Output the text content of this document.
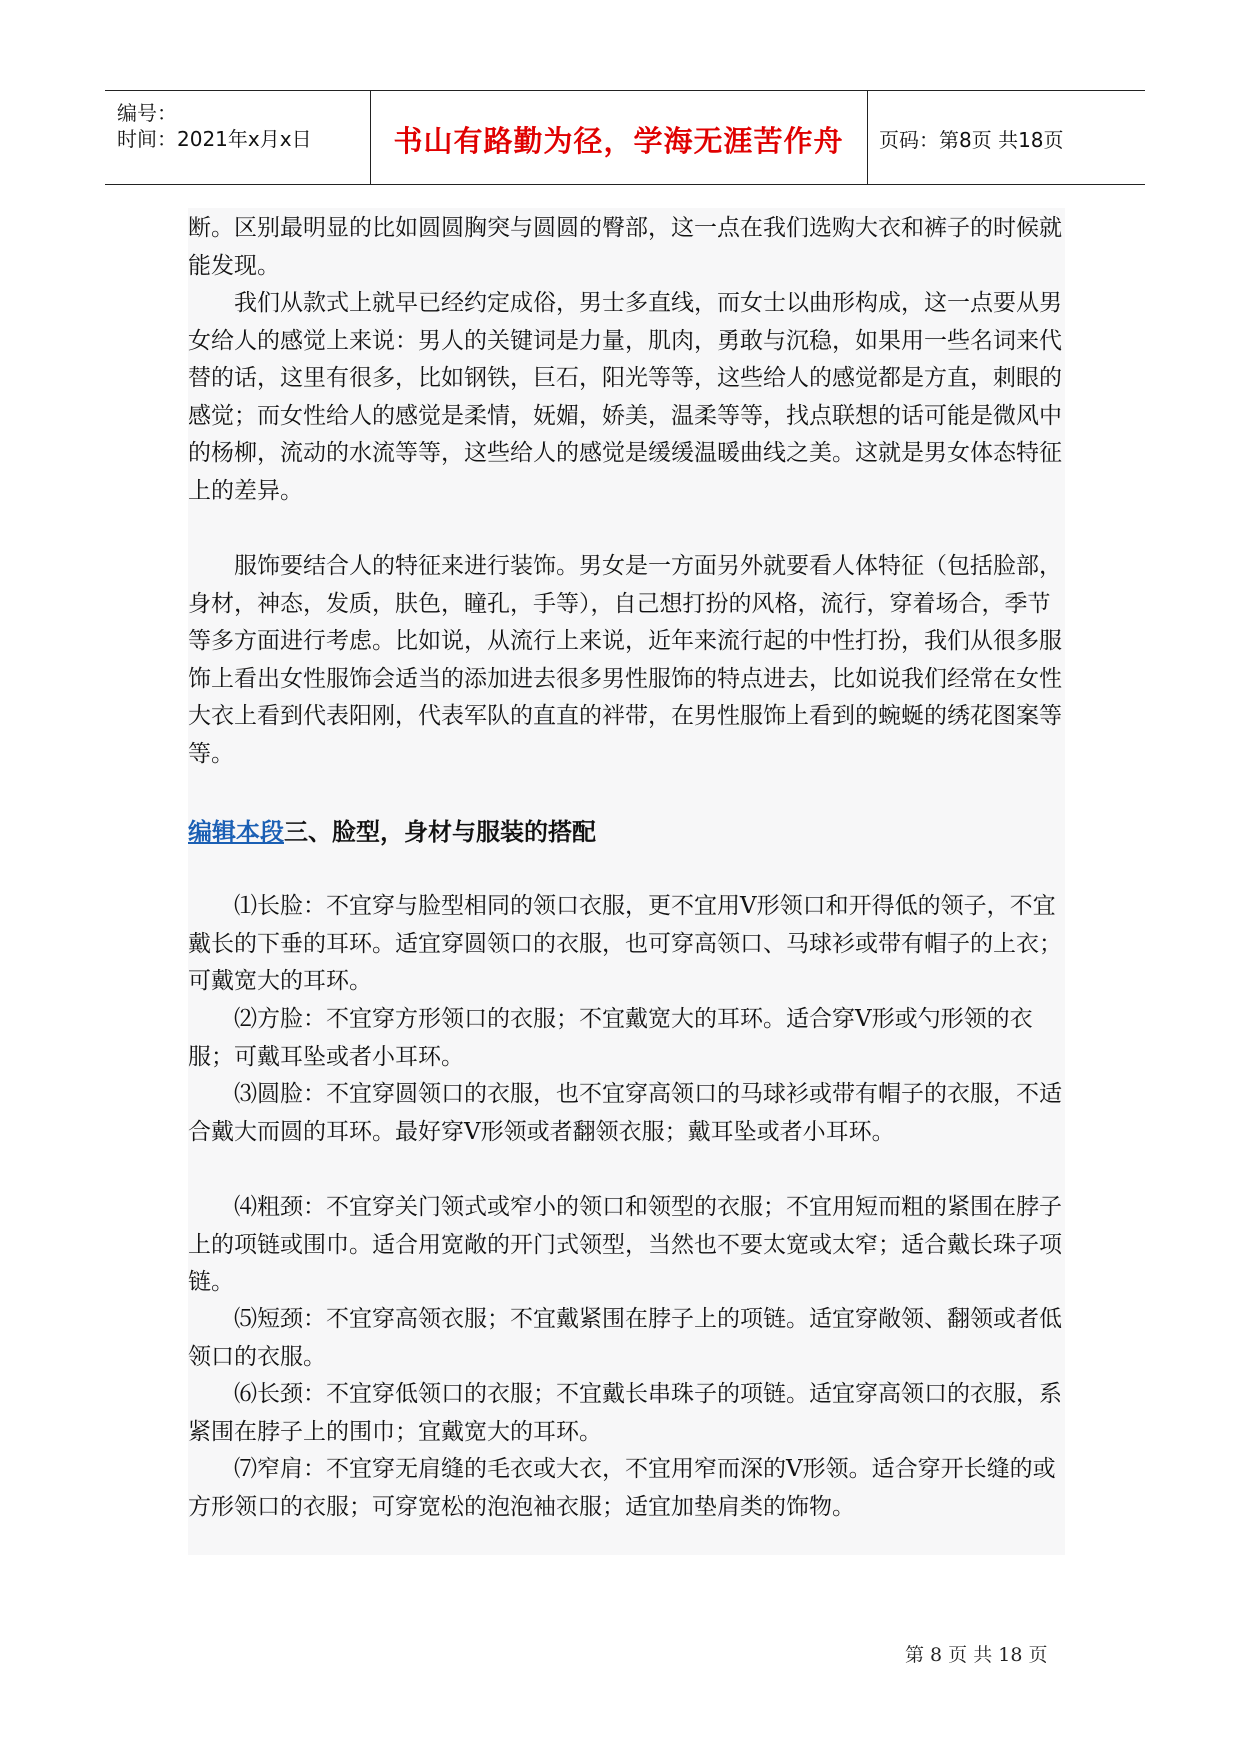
编号：
时间：2021年x月x日	书山有路勤为径，学海无涯苦作舟	页码：第8页 共18页

断。区别最明显的比如圆圆胸突与圆圆的臀部，这一点在我们选购大衣和裤子的时候就能发现。

我们从款式上就早已经约定成俗，男士多直线，而女士以曲形构成，这一点要从男女给人的感觉上来说：男人的关键词是力量，肌肉，勇敢与沉稳，如果用一些名词来代替的话，这里有很多，比如钢铁，巨石，阳光等等，这些给人的感觉都是方直，刺眼的感觉；而女性给人的感觉是柔情，妩媚，娇美，温柔等等，找点联想的话可能是微风中的杨柳，流动的水流等等，这些给人的感觉是缓缓温暖曲线之美。这就是男女体态特征上的差异。

服饰要结合人的特征来进行装饰。男女是一方面另外就要看人体特征（包括脸部，身材，神态，发质，肤色，瞳孔，手等），自己想打扮的风格，流行，穿着场合，季节等多方面进行考虑。比如说，从流行上来说，近年来流行起的中性打扮，我们从很多服饰上看出女性服饰会适当的添加进去很多男性服饰的特点进去，比如说我们经常在女性大衣上看到代表阳刚，代表军队的直直的袢带，在男性服饰上看到的蜿蜒的绣花图案等等。

编辑本段三、脸型，身材与服装的搭配

⑴长脸：不宜穿与脸型相同的领口衣服，更不宜用V形领口和开得低的领子，不宜戴长的下垂的耳环。适宜穿圆领口的衣服，也可穿高领口、马球衫或带有帽子的上衣；可戴宽大的耳环。

⑵方脸：不宜穿方形领口的衣服；不宜戴宽大的耳环。适合穿V形或勺形领的衣服；可戴耳坠或者小耳环。

⑶圆脸：不宜穿圆领口的衣服，也不宜穿高领口的马球衫或带有帽子的衣服，不适合戴大而圆的耳环。最好穿V形领或者翻领衣服；戴耳坠或者小耳环。

⑷粗颈：不宜穿关门领式或窄小的领口和领型的衣服；不宜用短而粗的紧围在脖子上的项链或围巾。适合用宽敞的开门式领型，当然也不要太宽或太窄；适合戴长珠子项链。

⑸短颈：不宜穿高领衣服；不宜戴紧围在脖子上的项链。适宜穿敞领、翻领或者低领口的衣服。

⑹长颈：不宜穿低领口的衣服；不宜戴长串珠子的项链。适宜穿高领口的衣服，系紧围在脖子上的围巾；宜戴宽大的耳环。

⑺窄肩：不宜穿无肩缝的毛衣或大衣，不宜用窄而深的V形领。适合穿开长缝的或方形领口的衣服；可穿宽松的泡泡袖衣服；适宜加垫肩类的饰物。

第 8 页 共 18 页
